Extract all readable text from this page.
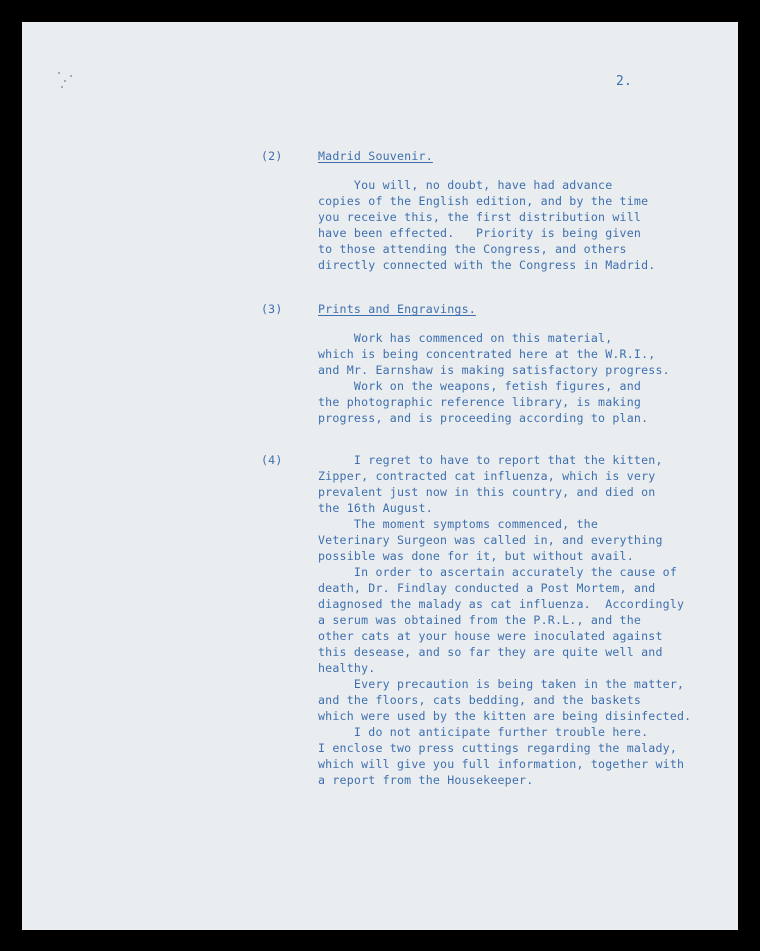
2.
(2)	Madrid Souvenir.
You will, no doubt, have had advance
copies of the English edition, and by the time
you receive this, the first distribution will
have been effected.   Priority is being given
to those attending the Congress, and others
directly connected with the Congress in Madrid.
(3)	Prints and Engravings.
Work has commenced on this material,
which is being concentrated here at the W.R.I.,
and Mr. Earnshaw is making satisfactory progress.
Work on the weapons, fetish figures, and
the photographic reference library, is making
progress, and is proceeding according to plan.
(4)	I regret to have to report that the kitten,
Zipper, contracted cat influenza, which is very
prevalent just now in this country, and died on
the 16th August.
The moment symptoms commenced, the
Veterinary Surgeon was called in, and everything
possible was done for it, but without avail.
In order to ascertain accurately the cause of
death, Dr. Findlay conducted a Post Mortem, and
diagnosed the malady as cat influenza.  Accordingly
a serum was obtained from the P.R.L., and the
other cats at your house were inoculated against
this desease, and so far they are quite well and
healthy.
Every precaution is being taken in the matter,
and the floors, cats bedding, and the baskets
which were used by the kitten are being disinfected.
I do not anticipate further trouble here.
I enclose two press cuttings regarding the malady,
which will give you full information, together with
a report from the Housekeeper.
